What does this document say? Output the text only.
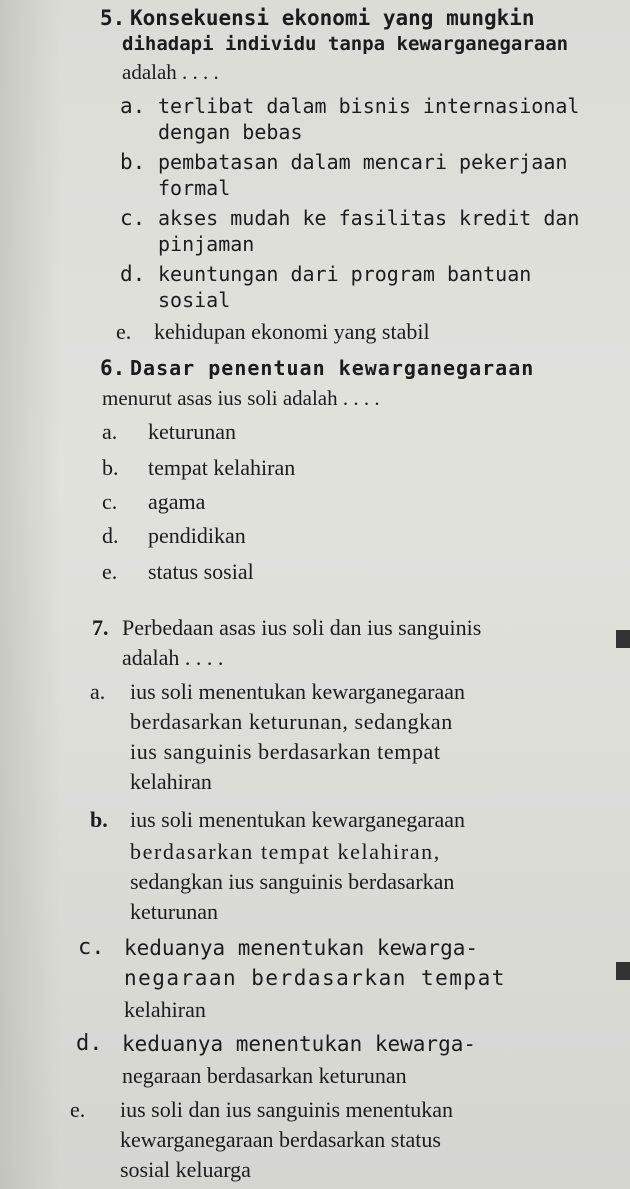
5. Konsekuensi ekonomi yang mungkin
dihadapi individu tanpa kewarganegaraan
adalah . . . .
a. terlibat dalam bisnis internasional
dengan bebas
b. pembatasan dalam mencari pekerjaan
formal
c. akses mudah ke fasilitas kredit dan
pinjaman
d. keuntungan dari program bantuan
sosial
e. kehidupan ekonomi yang stabil
6. Dasar penentuan kewarganegaraan
menurut asas ius soli adalah . . . .
a. keturunan
b. tempat kelahiran
c. agama
d. pendidikan
e. status sosial
7. Perbedaan asas ius soli dan ius sanguinis
adalah . . . .
a. ius soli menentukan kewarganegaraan
berdasarkan keturunan, sedangkan
ius sanguinis berdasarkan tempat
kelahiran
b. ius soli menentukan kewarganegaraan
berdasarkan tempat kelahiran,
sedangkan ius sanguinis berdasarkan
keturunan
c. keduanya menentukan kewarga-
negaraan berdasarkan tempat
kelahiran
d. keduanya menentukan kewarga-
negaraan berdasarkan keturunan
e. ius soli dan ius sanguinis menentukan
kewarganegaraan berdasarkan status
sosial keluarga
